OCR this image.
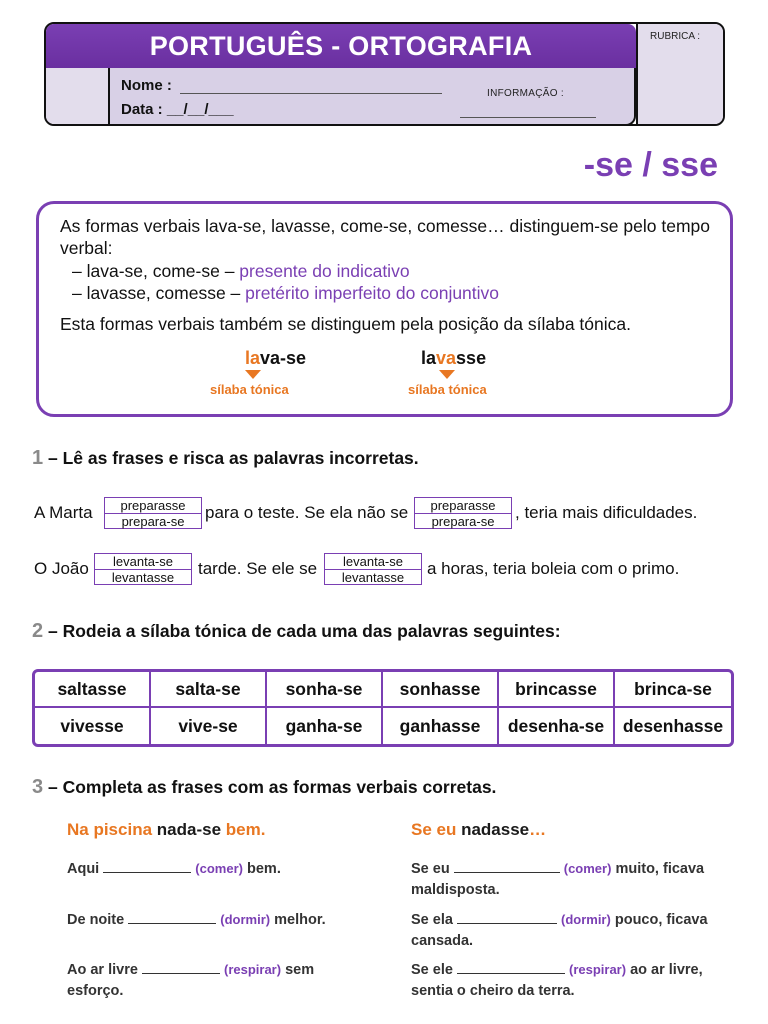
PORTUGUÊS - ORTOGRAFIA	RUBRICA :
Nome :
Data : __/__/___
INFORMAÇÃO :
-se / sse
As formas verbais lava-se, lavasse, come-se, comesse… distinguem-se pelo tempo verbal:
– lava-se, come-se – presente do indicativo
– lavasse, comesse – pretérito imperfeito do conjuntivo
Esta formas verbais também se distinguem pela posição da sílaba tónica.
lava-se
sílaba tónica
lavasse
sílaba tónica
1 – Lê as frases e risca as palavras incorretas.
A Marta	preparasse
prepara-se	para o teste. Se ela não se	preparasse
prepara-se	, teria mais dificuldades.
O João	levanta-se
levantasse	tarde. Se ele se	levanta-se
levantasse	a horas, teria boleia com o primo.
2 – Rodeia a sílaba tónica de cada uma das palavras seguintes:
saltasse	salta-se	sonha-se	sonhasse	brincasse	brinca-se
vivesse	vive-se	ganha-se	ganhasse	desenha-se	desenhasse
3 – Completa as frases com as formas verbais corretas.
Na piscina nada-se bem.	Se eu nadasse…
Aqui	(comer) bem.
De noite	(dormir) melhor.
Ao ar livre	(respirar) sem
esforço.
Se eu	(comer) muito, ficava
maldisposta.
Se ela	(dormir) pouco, ficava
cansada.
Se ele	(respirar) ao ar livre,
sentia o cheiro da terra.
